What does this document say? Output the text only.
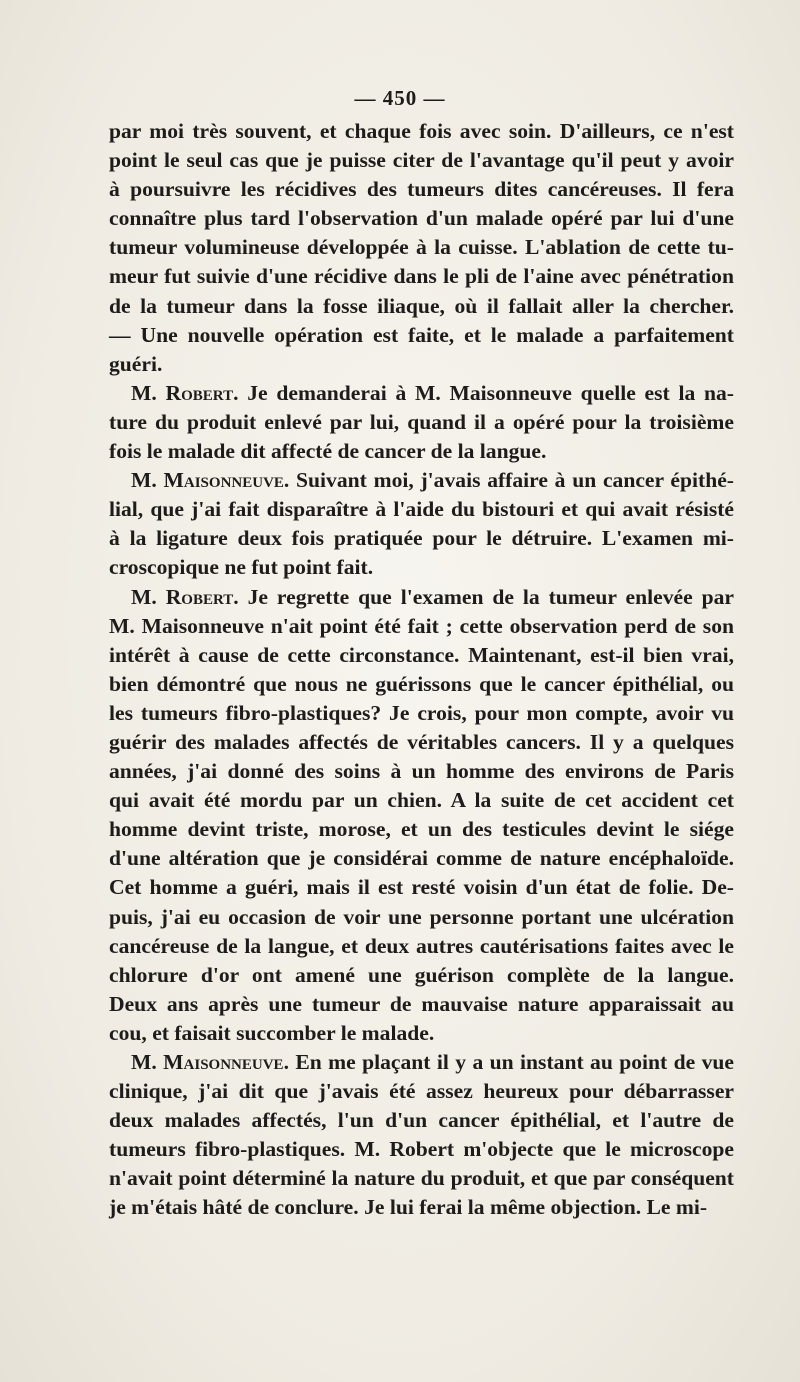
— 450 —
par moi très souvent, et chaque fois avec soin. D'ailleurs, ce n'est
point le seul cas que je puisse citer de l'avantage qu'il peut y avoir
à poursuivre les récidives des tumeurs dites cancéreuses. Il fera
connaître plus tard l'observation d'un malade opéré par lui d'une
tumeur volumineuse développée à la cuisse. L'ablation de cette tu-
meur fut suivie d'une récidive dans le pli de l'aine avec pénétration
de la tumeur dans la fosse iliaque, où il fallait aller la chercher.
— Une nouvelle opération est faite, et le malade a parfaitement
guéri.
M. Robert. Je demanderai à M. Maisonneuve quelle est la na-
ture du produit enlevé par lui, quand il a opéré pour la troisième
fois le malade dit affecté de cancer de la langue.
M. Maisonneuve. Suivant moi, j'avais affaire à un cancer épithé-
lial, que j'ai fait disparaître à l'aide du bistouri et qui avait résisté
à la ligature deux fois pratiquée pour le détruire. L'examen mi-
croscopique ne fut point fait.
M. Robert. Je regrette que l'examen de la tumeur enlevée par
M. Maisonneuve n'ait point été fait ; cette observation perd de son
intérêt à cause de cette circonstance. Maintenant, est-il bien vrai,
bien démontré que nous ne guérissons que le cancer épithélial, ou
les tumeurs fibro-plastiques? Je crois, pour mon compte, avoir vu
guérir des malades affectés de véritables cancers. Il y a quelques
années, j'ai donné des soins à un homme des environs de Paris
qui avait été mordu par un chien. A la suite de cet accident cet
homme devint triste, morose, et un des testicules devint le siége
d'une altération que je considérai comme de nature encéphaloïde.
Cet homme a guéri, mais il est resté voisin d'un état de folie. De-
puis, j'ai eu occasion de voir une personne portant une ulcération
cancéreuse de la langue, et deux autres cautérisations faites avec le
chlorure d'or ont amené une guérison complète de la langue.
Deux ans après une tumeur de mauvaise nature apparaissait au
cou, et faisait succomber le malade.
M. Maisonneuve. En me plaçant il y a un instant au point de vue
clinique, j'ai dit que j'avais été assez heureux pour débarrasser
deux malades affectés, l'un d'un cancer épithélial, et l'autre de
tumeurs fibro-plastiques. M. Robert m'objecte que le microscope
n'avait point déterminé la nature du produit, et que par conséquent
je m'étais hâté de conclure. Je lui ferai la même objection. Le mi-
